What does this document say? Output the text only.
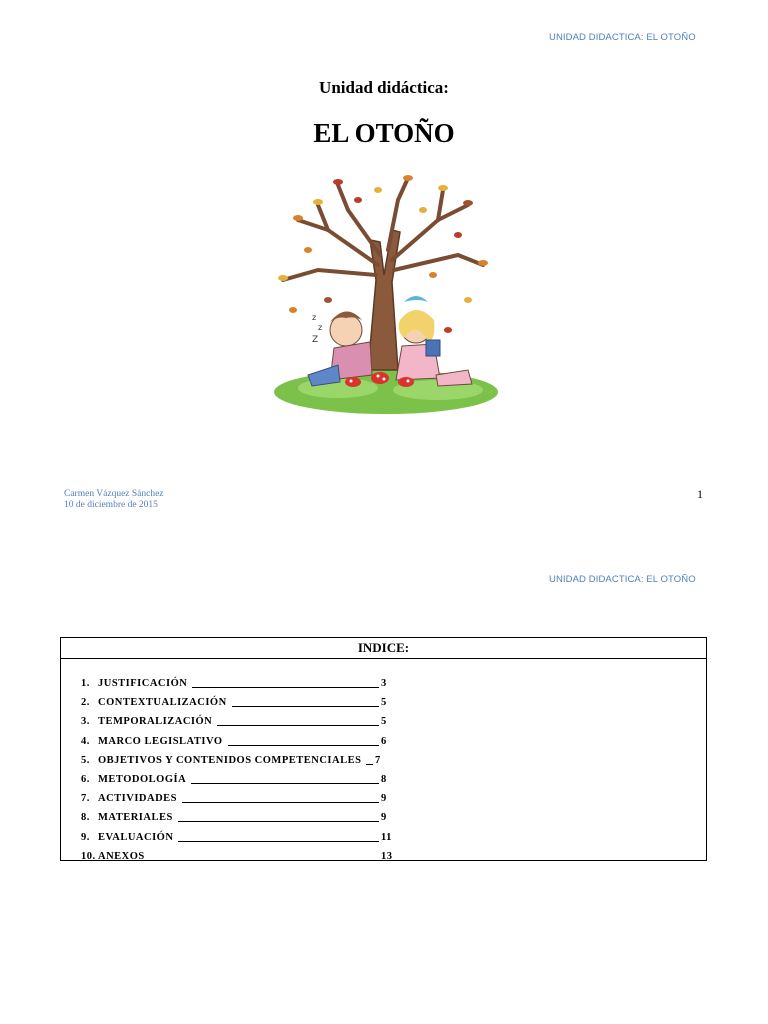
UNIDAD DIDACTICA: EL OTOÑO
Unidad didáctica:
EL OTOÑO
z
z
Z
Carmen Vázquez Sánchez
10 de diciembre de 2015
1
UNIDAD DIDACTICA: EL OTOÑO
INDICE:
1. JUSTIFICACIÓN	3
2. CONTEXTUALIZACIÓN	5
3. TEMPORALIZACIÓN	5
4. MARCO LEGISLATIVO	6
5. OBJETIVOS Y CONTENIDOS COMPETENCIALES 7
6. METODOLOGÍA	8
7. ACTIVIDADES	9
8. MATERIALES	9
9. EVALUACIÓN	11
10. ANEXOS	13
